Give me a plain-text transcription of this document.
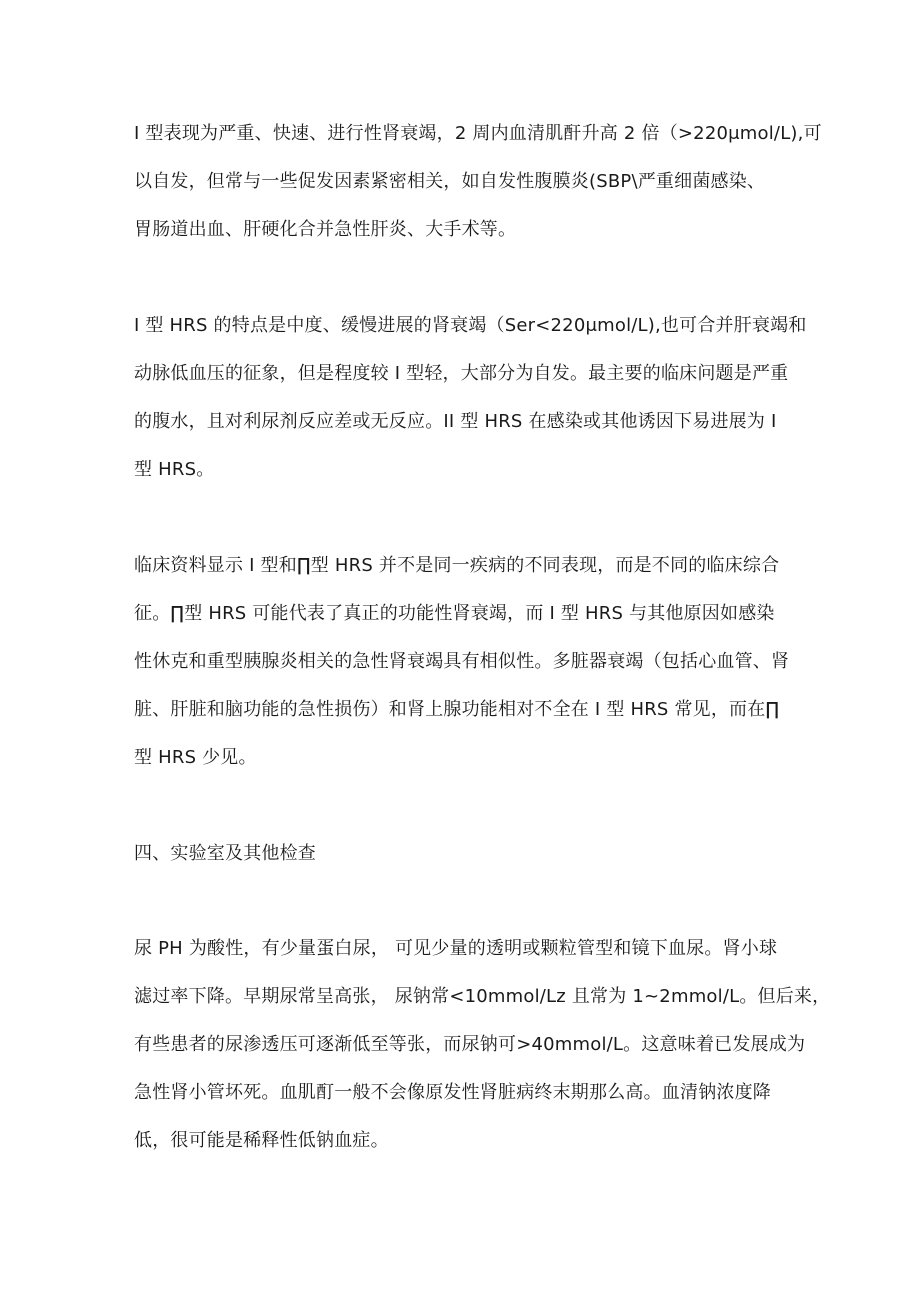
I 型表现为严重、快速、进行性肾衰竭，2 周内血清肌酐升高 2 倍（>220μmol/L),可
以自发，但常与一些促发因素紧密相关，如自发性腹膜炎(SBP\严重细菌感染、
胃肠道出血、肝硬化合并急性肝炎、大手术等。
I 型 HRS 的特点是中度、缓慢进展的肾衰竭（Ser<220μmol/L),也可合并肝衰竭和
动脉低血压的征象，但是程度较 I 型轻，大部分为自发。最主要的临床问题是严重
的腹水，且对利尿剂反应差或无反应。II 型 HRS 在感染或其他诱因下易进展为 I
型 HRS。
临床资料显示 I 型和∏型 HRS 并不是同一疾病的不同表现，而是不同的临床综合
征。∏型 HRS 可能代表了真正的功能性肾衰竭，而 I 型 HRS 与其他原因如感染
性休克和重型胰腺炎相关的急性肾衰竭具有相似性。多脏器衰竭（包括心血管、肾
脏、肝脏和脑功能的急性损伤）和肾上腺功能相对不全在 I 型 HRS 常见，而在∏
型 HRS 少见。
四、实验室及其他检查
尿 PH 为酸性，有少量蛋白尿， 可见少量的透明或颗粒管型和镜下血尿。肾小球
滤过率下降。早期尿常呈高张， 尿钠常<10mmol/Lz 且常为 1~2mmol/L。但后来，
有些患者的尿渗透压可逐渐低至等张，而尿钠可>40mmol/L。这意味着已发展成为
急性肾小管坏死。血肌酊一般不会像原发性肾脏病终末期那么高。血清钠浓度降
低，很可能是稀释性低钠血症。
